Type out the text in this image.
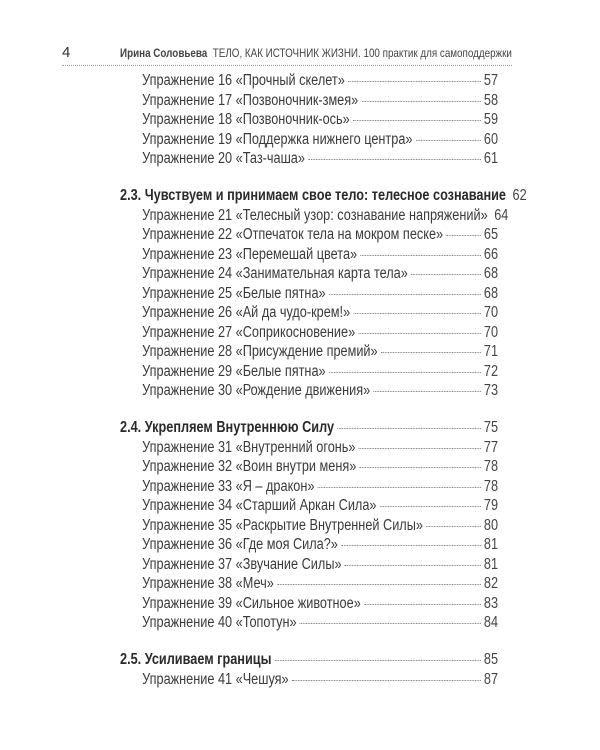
4	Ирина Соловьева ТЕЛО, КАК ИСТОЧНИК ЖИЗНИ. 100 практик для самоподдержки
Упражнение 16 «Прочный скелет»	57
Упражнение 17 «Позвоночник-змея»	58
Упражнение 18 «Позвоночник-ось»	59
Упражнение 19 «Поддержка нижнего центра»	60
Упражнение 20 «Таз-чаша»	61
2.3. Чувствуем и принимаем свое тело: телесное сознавание 62
Упражнение 21 «Телесный узор: сознавание напряжений» 64
Упражнение 22 «Отпечаток тела на мокром песке»	65
Упражнение 23 «Перемешай цвета»	66
Упражнение 24 «Занимательная карта тела»	68
Упражнение 25 «Белые пятна»	68
Упражнение 26 «Ай да чудо-крем!»	70
Упражнение 27 «Соприкосновение»	70
Упражнение 28 «Присуждение премий»	71
Упражнение 29 «Белые пятна»	72
Упражнение 30 «Рождение движения»	73
2.4. Укрепляем Внутреннюю Силу	75
Упражнение 31 «Внутренний огонь»	77
Упражнение 32 «Воин внутри меня»	78
Упражнение 33 «Я – дракон»	78
Упражнение 34 «Старший Аркан Сила»	79
Упражнение 35 «Раскрытие Внутренней Силы»	80
Упражнение 36 «Где моя Сила?»	81
Упражнение 37 «Звучание Силы»	81
Упражнение 38 «Меч»	82
Упражнение 39 «Сильное животное»	83
Упражнение 40 «Топотун»	84
2.5. Усиливаем границы	85
Упражнение 41 «Чешуя»	87
